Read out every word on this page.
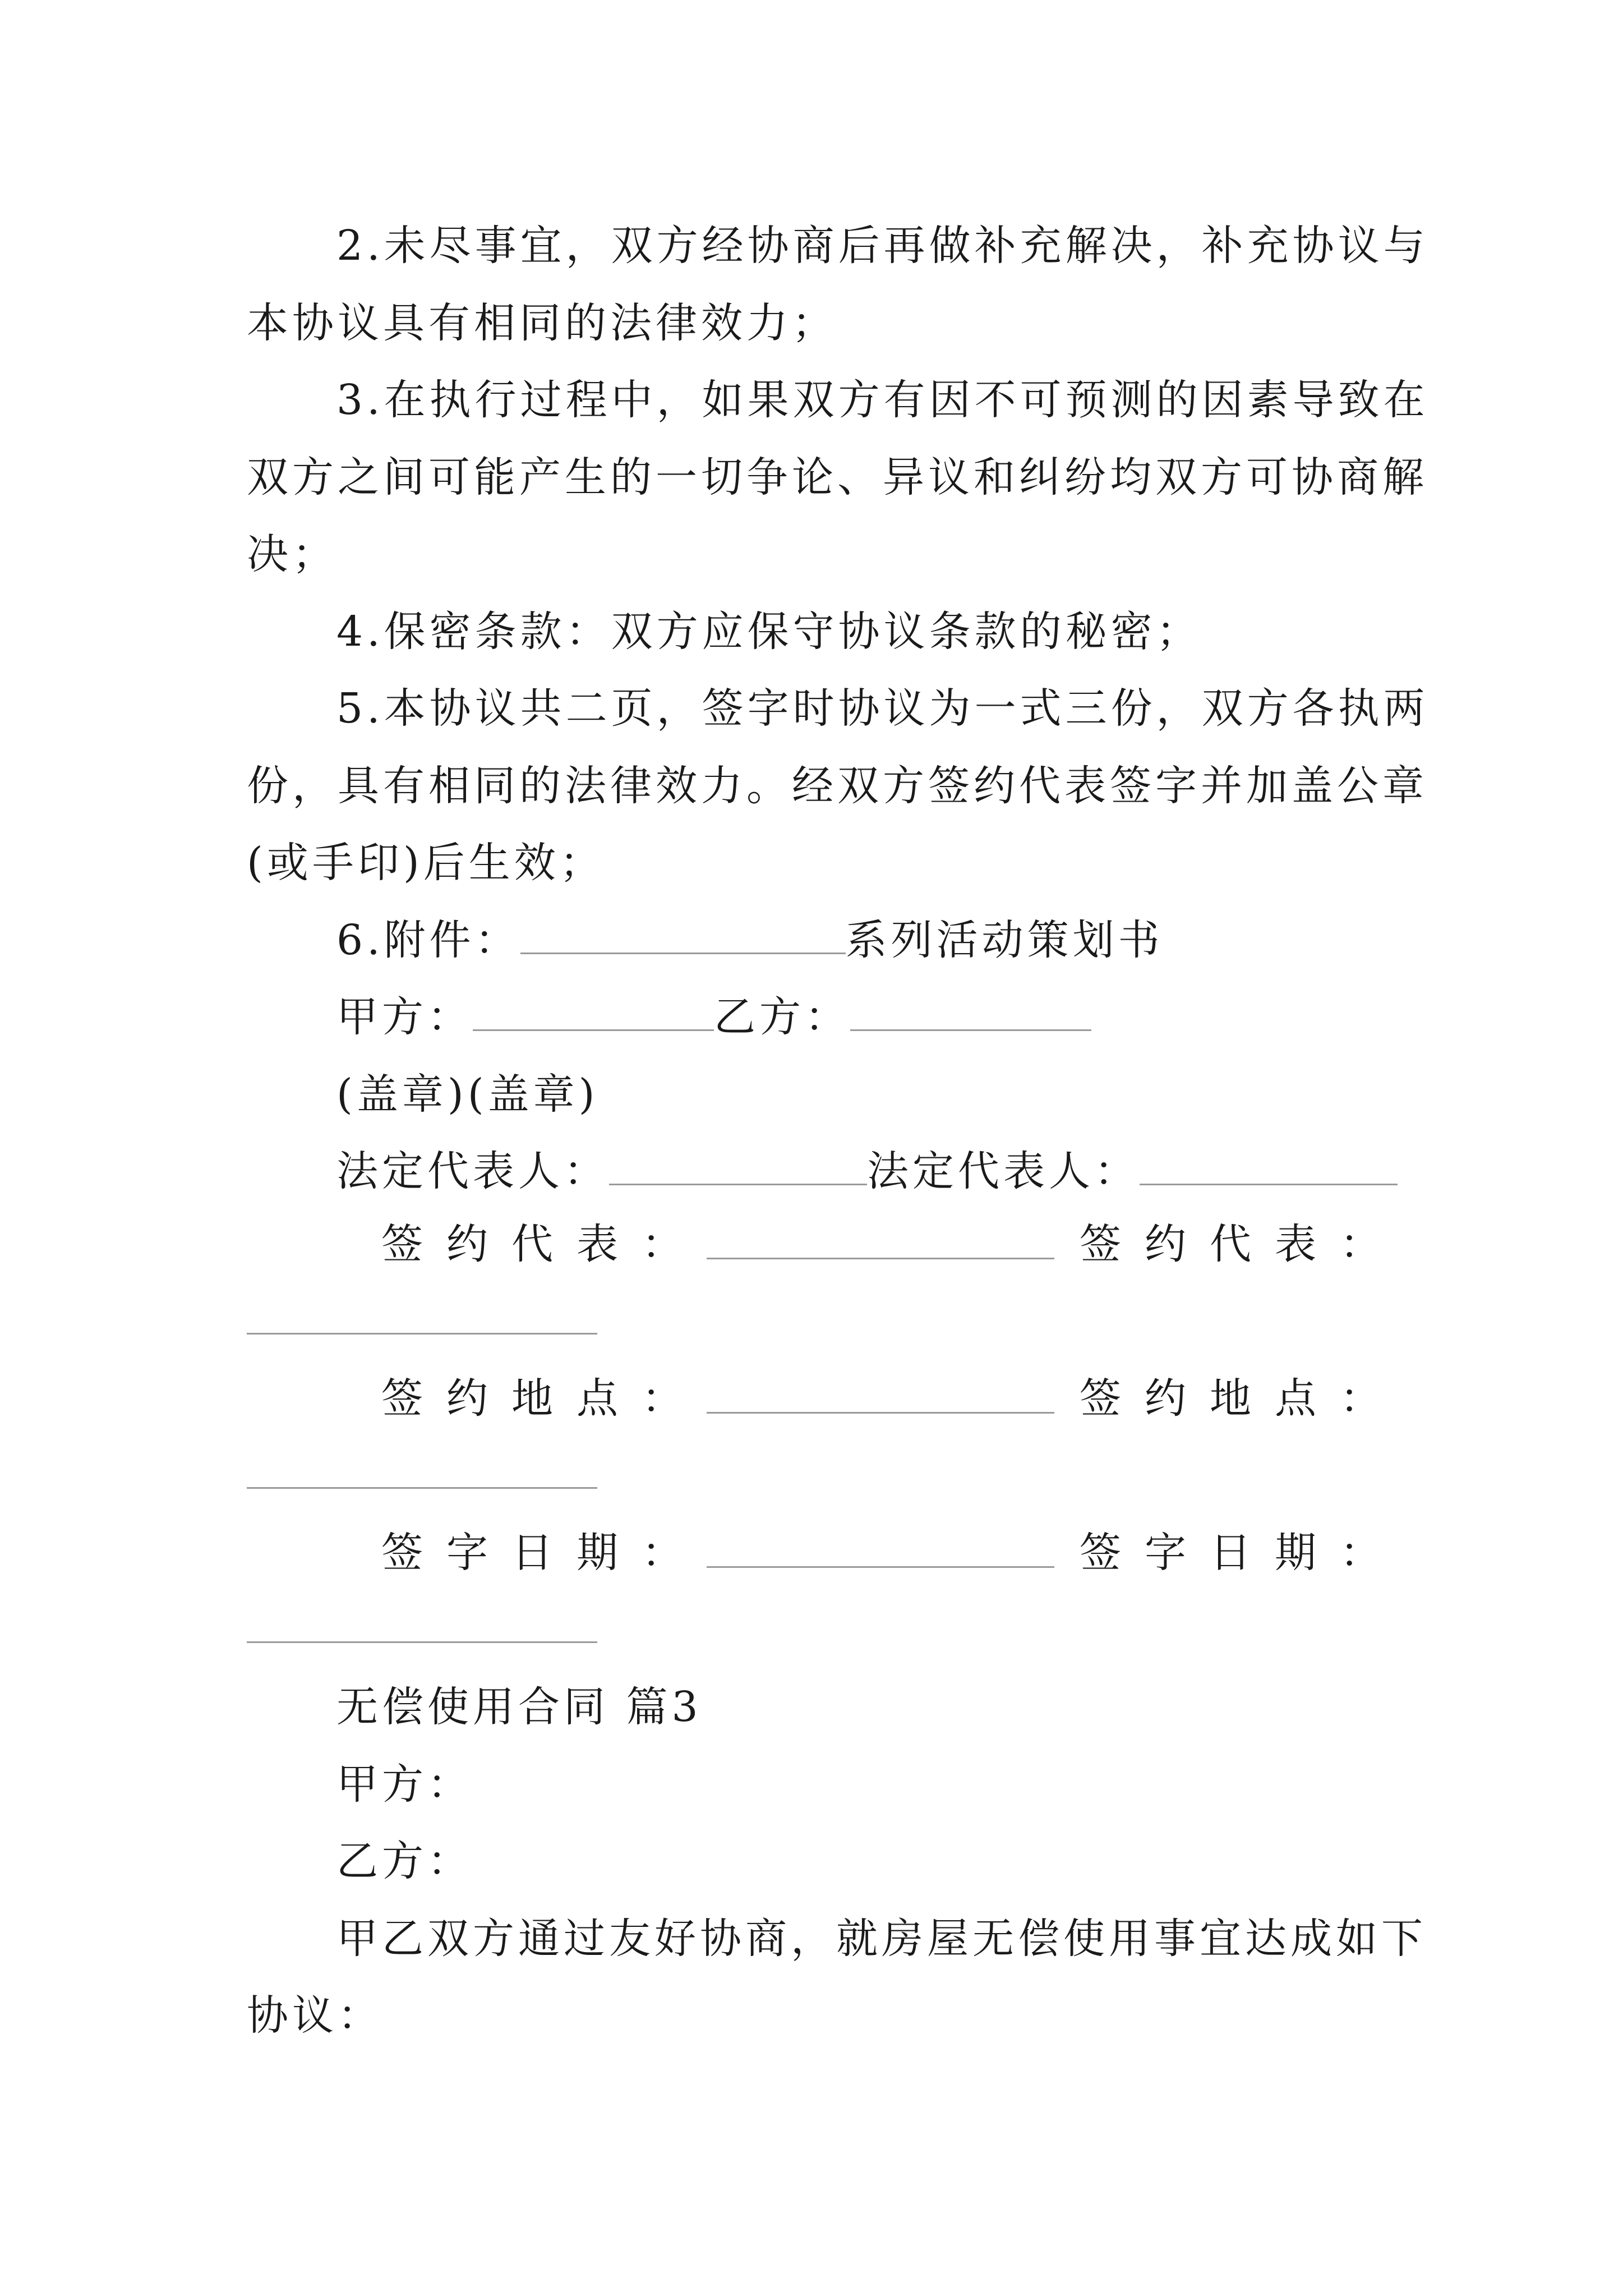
2.未尽事宜，双方经协商后再做补充解决，补充协议与
本协议具有相同的法律效力；
3.在执行过程中，如果双方有因不可预测的因素导致在
双方之间可能产生的一切争论、异议和纠纷均双方可协商解
决；
4.保密条款：双方应保守协议条款的秘密；
5.本协议共二页，签字时协议为一式三份，双方各执两
份，具有相同的法律效力。经双方签约代表签字并加盖公章
(或手印)后生效；
6.附件：	系列活动策划书
甲方：	乙方：
(盖章)(盖章)
法定代表人：	法定代表人：
签 约 代 表 ：	签 约 代 表 ：
签 约 地 点 ：	签 约 地 点 ：
签 字 日 期 ：	签 字 日 期 ：
无偿使用合同 篇3
甲方：
乙方：
甲乙双方通过友好协商，就房屋无偿使用事宜达成如下
协议：
